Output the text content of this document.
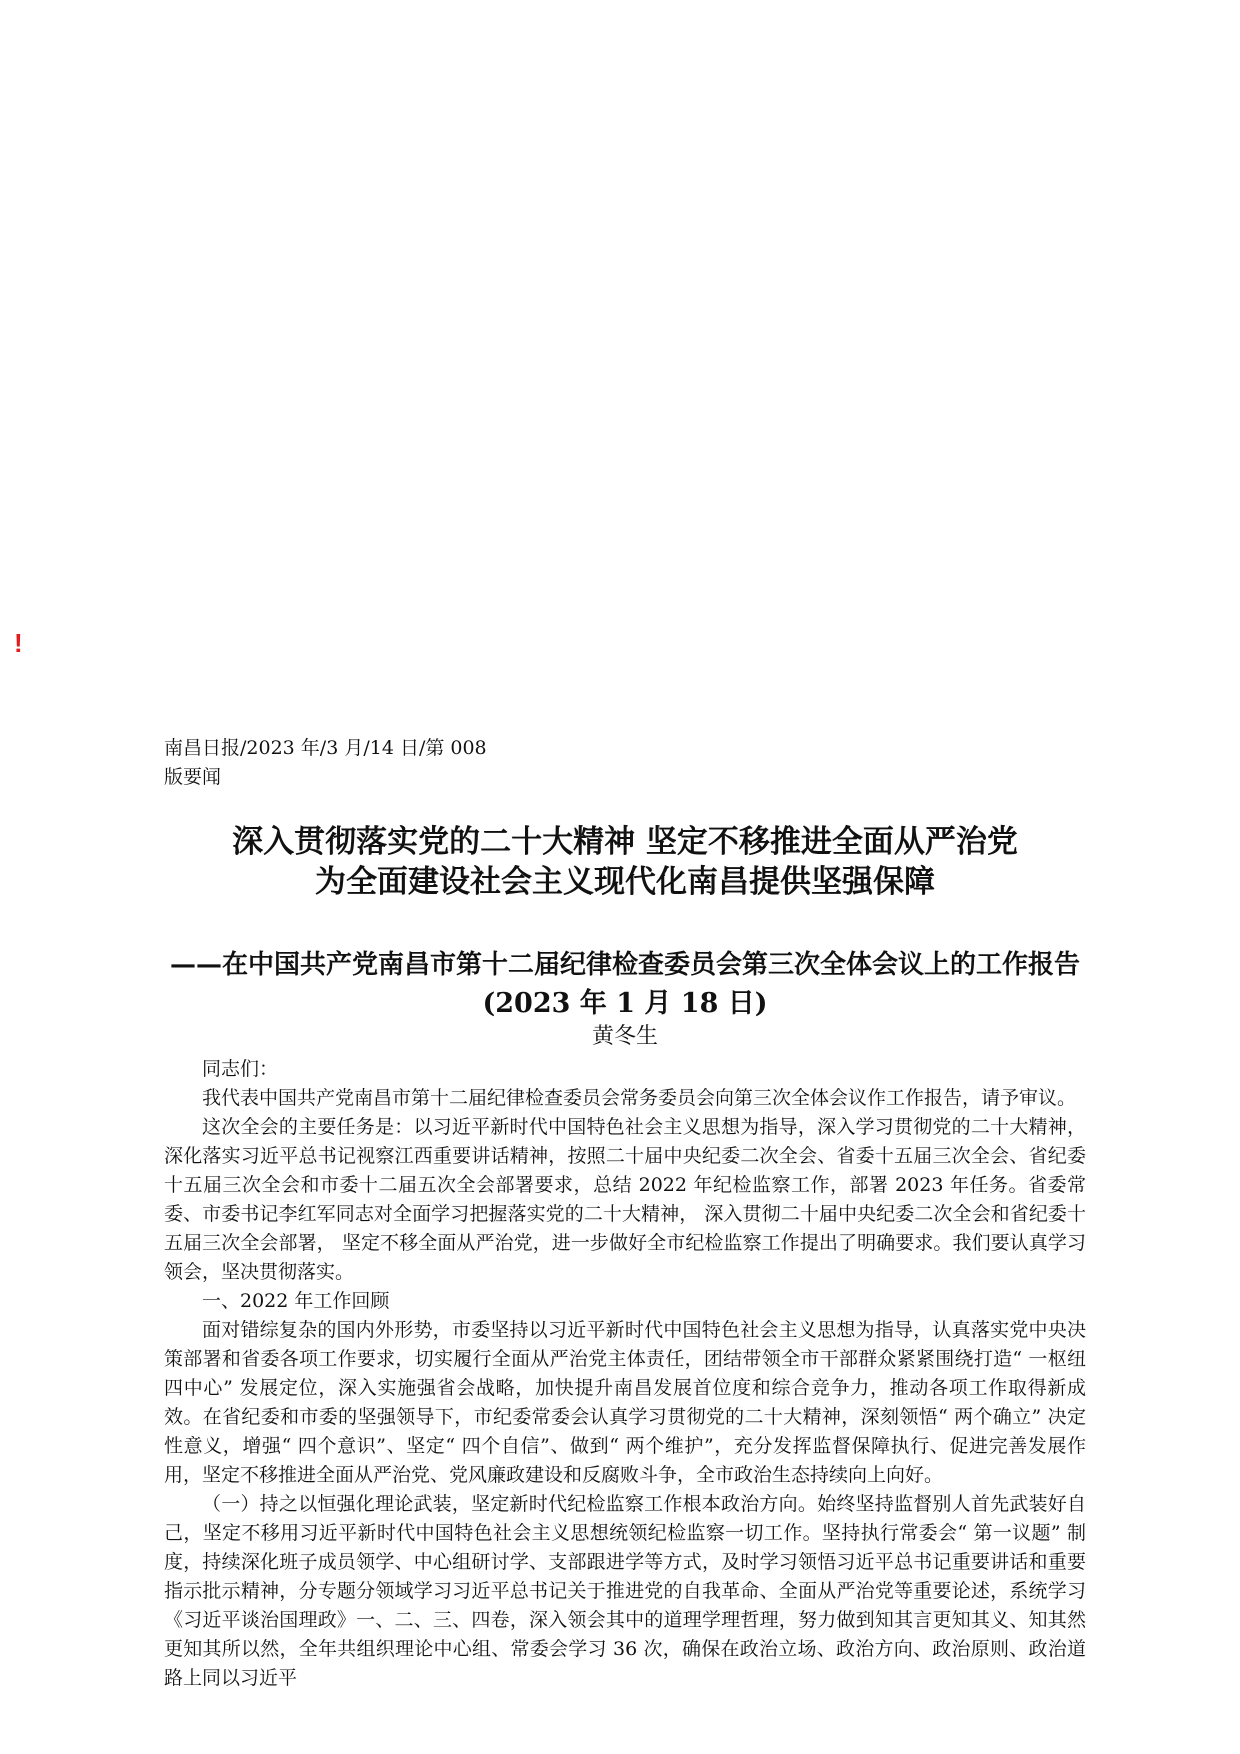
!

南昌日报/2023 年/3 月/14 日/第 008

版要闻

深入贯彻落实党的二十大精神 坚定不移推进全面从严治党
为全面建设社会主义现代化南昌提供坚强保障
——在中国共产党南昌市第十二届纪律检查委员会第三次全体会议上的工作报告
(2023 年 1 月 18 日)
黄冬生

同志们：

我代表中国共产党南昌市第十二届纪律检查委员会常务委员会向第三次全体会议作工作报告，请予审议。

这次全会的主要任务是：以习近平新时代中国特色社会主义思想为指导，深入学习贯彻党的二十大精神，深化落实习近平总书记视察江西重要讲话精神，按照二十届中央纪委二次全会、省委十五届三次全会、省纪委十五届三次全会和市委十二届五次全会部署要求，总结 2022 年纪检监察工作，部署 2023 年任务。省委常委、市委书记李红军同志对全面学习把握落实党的二十大精神， 深入贯彻二十届中央纪委二次全会和省纪委十五届三次全会部署， 坚定不移全面从严治党，进一步做好全市纪检监察工作提出了明确要求。我们要认真学习领会，坚决贯彻落实。

一、2022 年工作回顾

面对错综复杂的国内外形势，市委坚持以习近平新时代中国特色社会主义思想为指导，认真落实党中央决策部署和省委各项工作要求，切实履行全面从严治党主体责任，团结带领全市干部群众紧紧围绕打造“ 一枢纽四中心” 发展定位，深入实施强省会战略，加快提升南昌发展首位度和综合竞争力，推动各项工作取得新成效。在省纪委和市委的坚强领导下，市纪委常委会认真学习贯彻党的二十大精神，深刻领悟“ 两个确立” 决定性意义，增强“ 四个意识”、坚定“ 四个自信”、做到“ 两个维护”，充分发挥监督保障执行、促进完善发展作用，坚定不移推进全面从严治党、党风廉政建设和反腐败斗争，全市政治生态持续向上向好。

（一）持之以恒强化理论武装，坚定新时代纪检监察工作根本政治方向。始终坚持监督别人首先武装好自己，坚定不移用习近平新时代中国特色社会主义思想统领纪检监察一切工作。坚持执行常委会“ 第一议题” 制度，持续深化班子成员领学、中心组研讨学、支部跟进学等方式，及时学习领悟习近平总书记重要讲话和重要指示批示精神，分专题分领域学习习近平总书记关于推进党的自我革命、全面从严治党等重要论述，系统学习《习近平谈治国理政》一、二、三、四卷，深入领会其中的道理学理哲理，努力做到知其言更知其义、知其然更知其所以然，全年共组织理论中心组、常委会学习 36 次，确保在政治立场、政治方向、政治原则、政治道路上同以习近平
